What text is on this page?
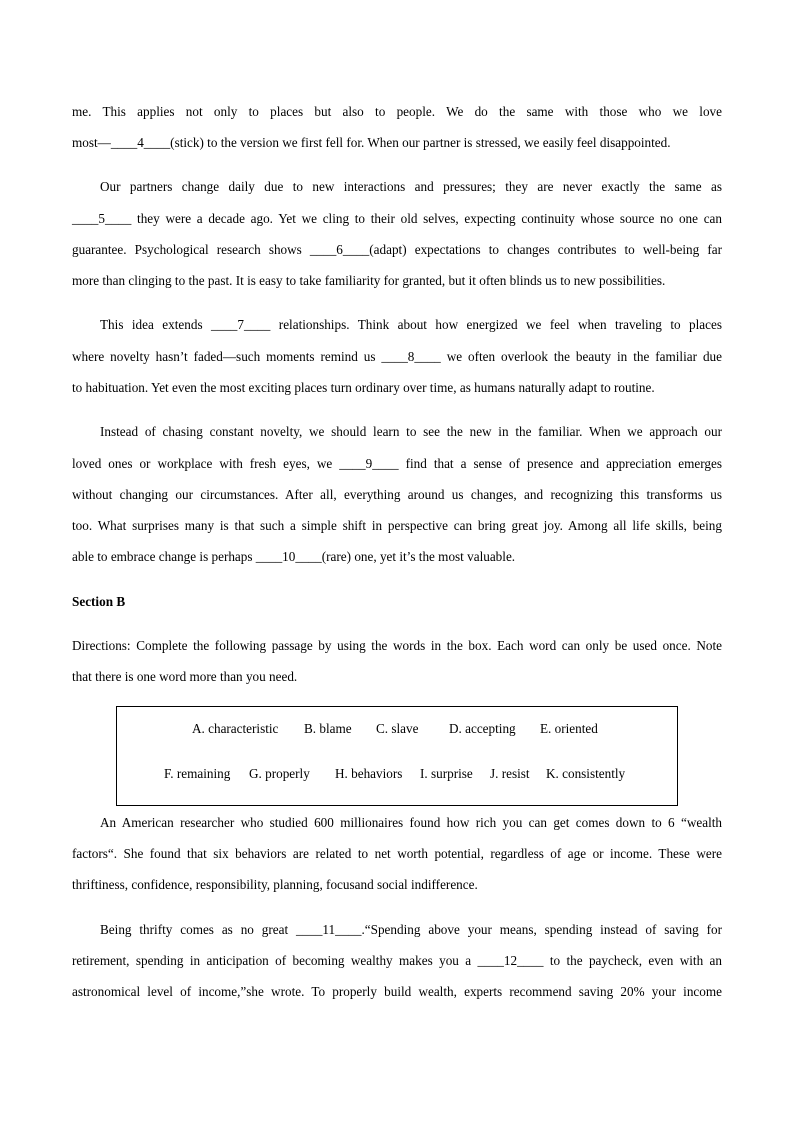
me. This applies not only to places but also to people. We do the same with those who we love
most—____4____(stick) to the version we first fell for. When our partner is stressed, we easily feel disappointed.
Our partners change daily due to new interactions and pressures; they are never exactly the same as
____5____ they were a decade ago. Yet we cling to their old selves, expecting continuity whose source no one can
guarantee. Psychological research shows ____6____(adapt) expectations to changes contributes to well-being far
more than clinging to the past. It is easy to take familiarity for granted, but it often blinds us to new possibilities.
This idea extends ____7____ relationships. Think about how energized we feel when traveling to places
where novelty hasn’t faded—such moments remind us ____8____ we often overlook the beauty in the familiar due
to habituation. Yet even the most exciting places turn ordinary over time, as humans naturally adapt to routine.
Instead of chasing constant novelty, we should learn to see the new in the familiar. When we approach our
loved ones or workplace with fresh eyes, we ____9____ find that a sense of presence and appreciation emerges
without changing our circumstances. After all, everything around us changes, and recognizing this transforms us
too. What surprises many is that such a simple shift in perspective can bring great joy. Among all life skills, being
able to embrace change is perhaps ____10____(rare) one, yet it’s the most valuable.
Section B
Directions: Complete the following passage by using the words in the box. Each word can only be used once. Note
that there is one word more than you need.
A. characteristic B. blame C. slave D. accepting E. oriented
F. remaining G. properly H. behaviors I. surprise J. resist K. consistently
An American researcher who studied 600 millionaires found how rich you can get comes down to 6 “wealth
factors“. She found that six behaviors are related to net worth potential, regardless of age or income. These were
thriftiness, confidence, responsibility, planning, focusand social indifference.
Being thrifty comes as no great ____11____.“Spending above your means, spending instead of saving for
retirement, spending in anticipation of becoming wealthy makes you a ____12____ to the paycheck, even with an
astronomical level of income,”she wrote. To properly build wealth, experts recommend saving 20% your income
